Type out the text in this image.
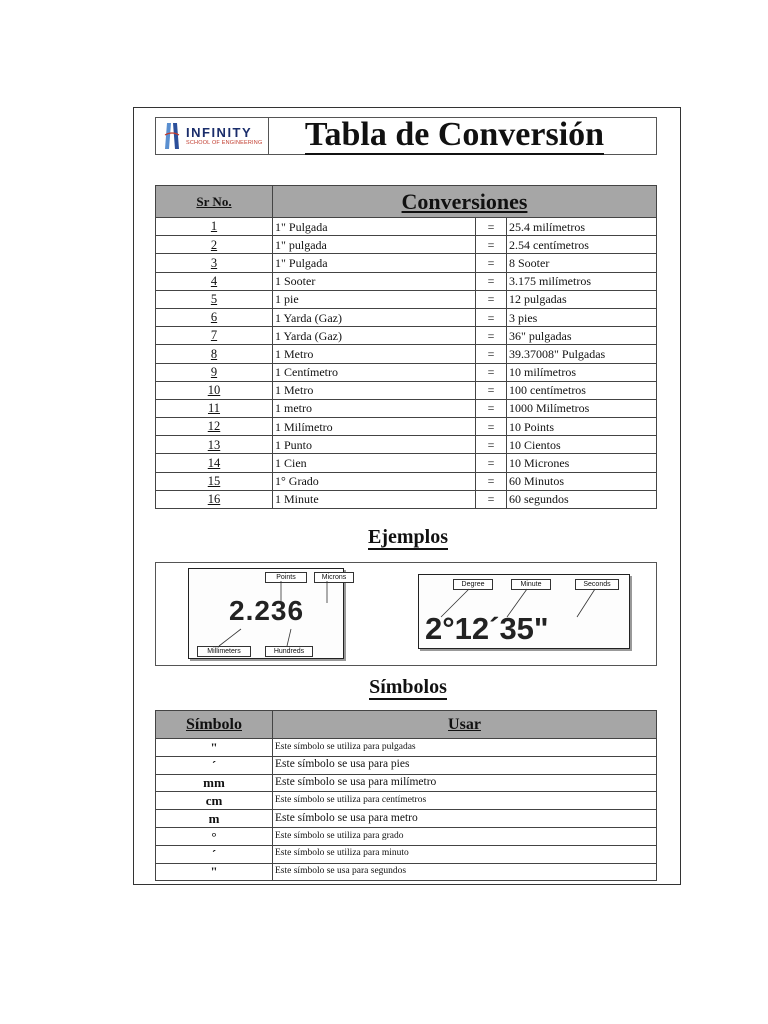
INFINITY
SCHOOL OF ENGINEERING Tabla de Conversión
Sr No.	Conversiones		
1	1" Pulgada	=	25.4 milímetros
2	1" pulgada	=	2.54 centímetros
3	1" Pulgada	=	8 Sooter
4	1 Sooter	=	3.175 milímetros
5	1 pie	=	12 pulgadas
6	1 Yarda (Gaz)	=	3 pies
7	1 Yarda (Gaz)	=	36" pulgadas
8	1 Metro	=	39.37008" Pulgadas
9	1 Centímetro	=	10 milímetros
10	1 Metro	=	100 centímetros
11	1 metro	=	1000 Milímetros
12	1 Milímetro	=	10 Points
13	1 Punto	=	10 Cientos
14	1 Cien	=	10 Micrones
15	1° Grado	=	60 Minutos
16	1 Minute	=	60 segundos
Ejemplos
Points	Microns
2.236
Millimeters	Hundreds
Degree	Minute	Seconds
2°12´35"
Símbolos
Símbolo	Usar
"	Este símbolo se utiliza para pulgadas
´	Este símbolo se usa para pies
mm	Este símbolo se usa para milímetro
cm	Este símbolo se utiliza para centímetros
m	Este símbolo se usa para metro
°	Este símbolo se utiliza para grado
´	Este símbolo se utiliza para minuto
"	Este símbolo se usa para segundos
